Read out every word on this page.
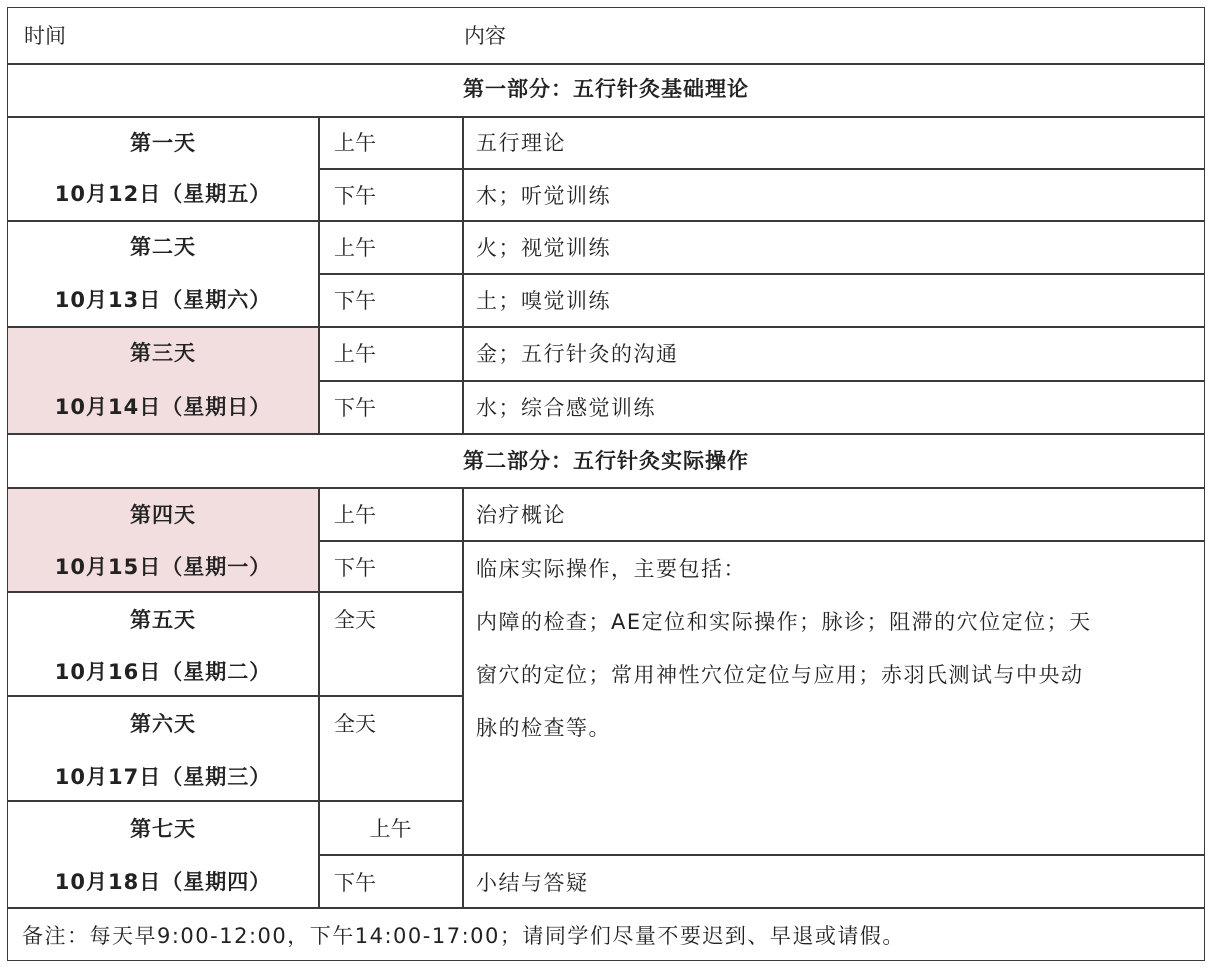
时间	内容
第一部分：五行针灸基础理论
第二部分：五行针灸实际操作
第一天
10月12日（星期五）
第二天
10月13日（星期六）
第三天
10月14日（星期日）
第四天
10月15日（星期一）
第五天
10月16日（星期二）
第六天
10月17日（星期三）
第七天
10月18日（星期四）
上午
下午
上午
下午
上午
下午
上午
下午
全天
全天
上午
下午
五行理论
木；听觉训练
火；视觉训练
土；嗅觉训练
金；五行针灸的沟通
水；综合感觉训练
治疗概论
临床实际操作，主要包括：
内障的检查；AE定位和实际操作；脉诊；阻滞的穴位定位；天
窗穴的定位；常用神性穴位定位与应用；赤羽氏测试与中央动
脉的检查等。
小结与答疑
备注：每天早9:00-12:00，下午14:00-17:00；请同学们尽量不要迟到、早退或请假。
